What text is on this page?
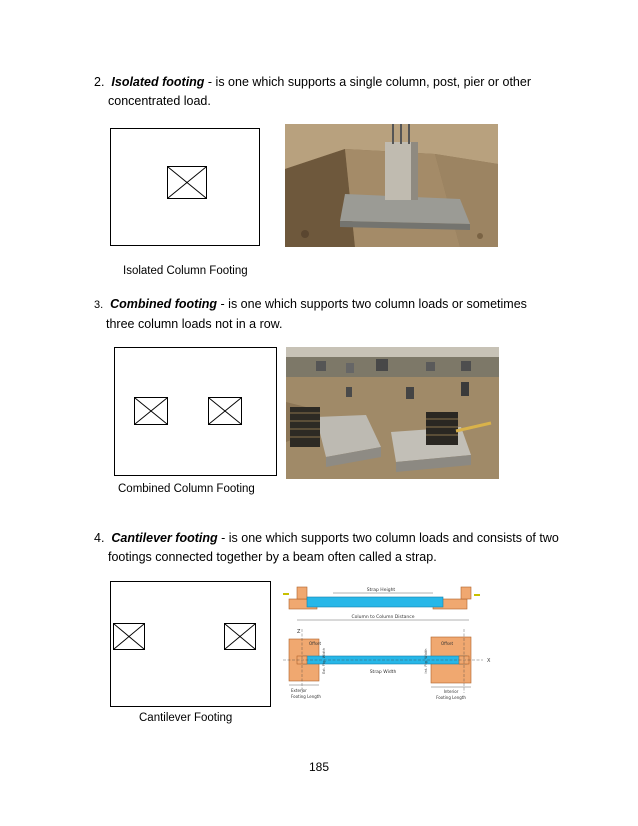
2. Isolated footing - is one which supports a single column, post, pier or other
concentrated load.
Isolated Column Footing
3. Combined footing - is one which supports two column loads or sometimes
three column loads not in a row.
Combined Column Footing
4. Cantilever footing - is one which supports two column loads and consists of two
footings connected together by a beam often called a strap.
Strap Height
Column to Column Distance
X
Z
Offset	Offset
Strap Width
Ext. Ftg. Width	Int. Ftg. Width
Exterior
Footing Length
Interior
Footing Length
Cantilever Footing
185
